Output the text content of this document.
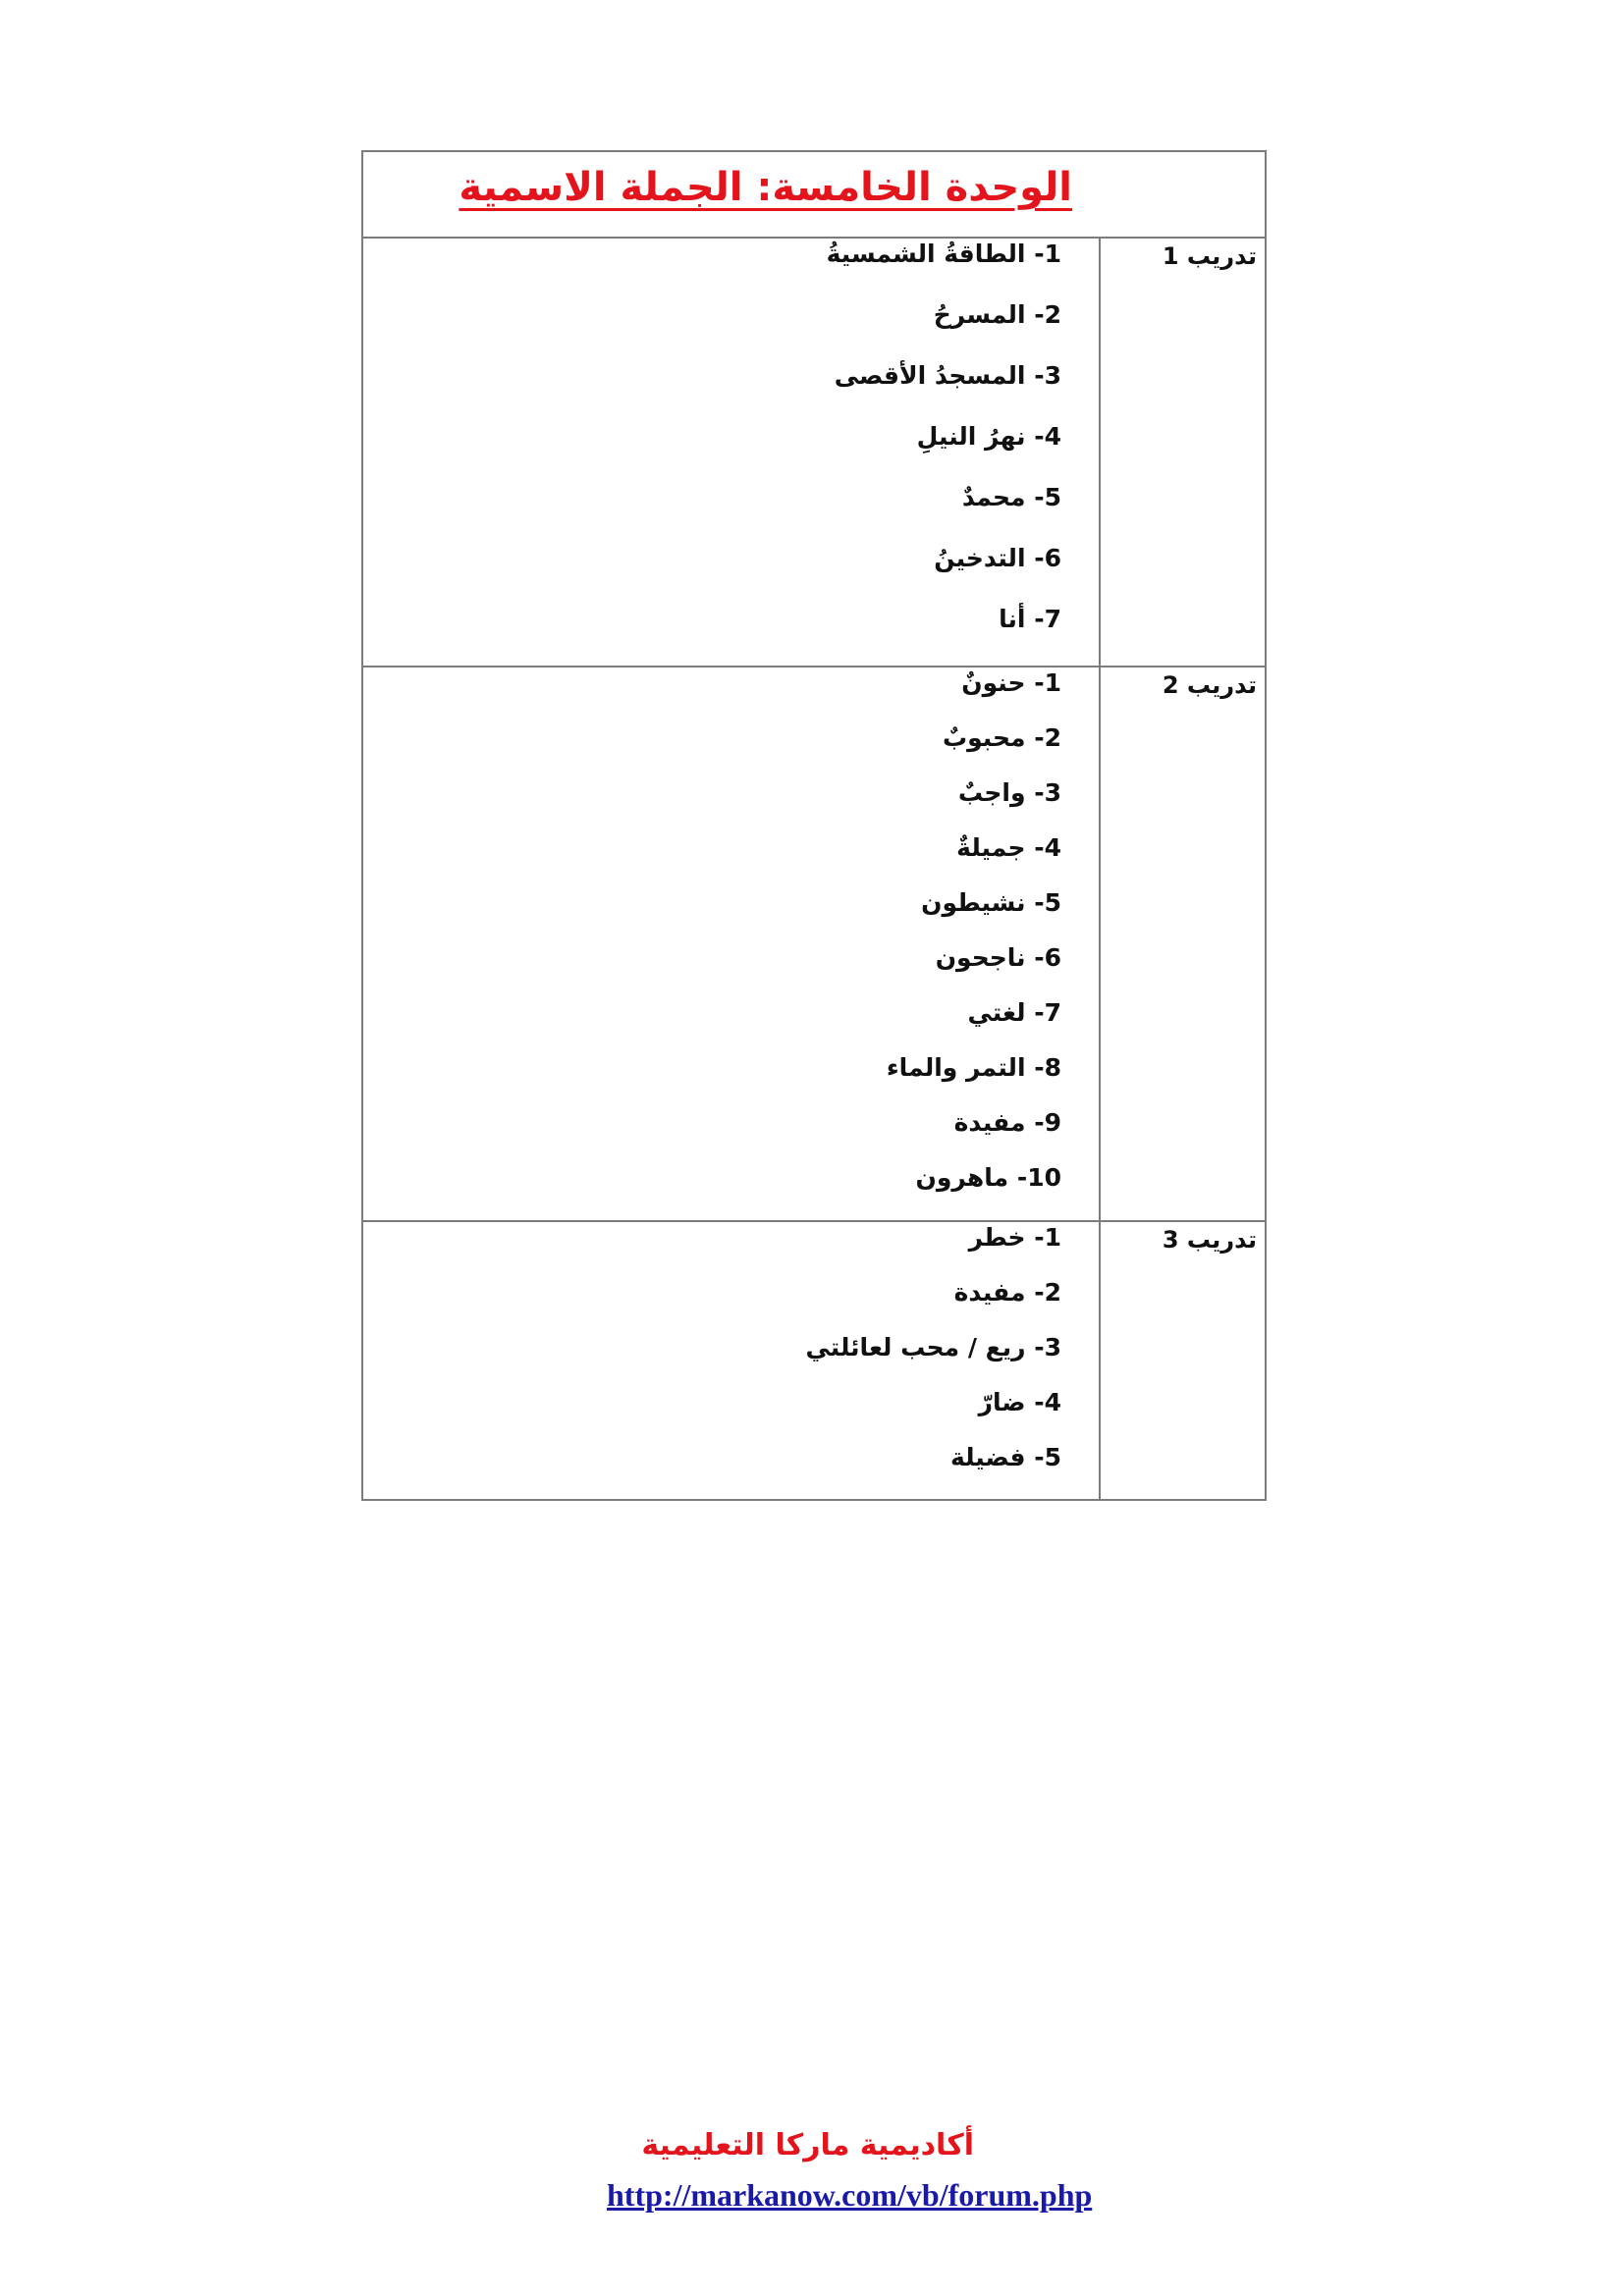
الوحدة الخامسة: الجملة الاسمية
تدريب 1
1- الطاقةُ الشمسيةُ
2- المسرحُ
3- المسجدُ الأقصى
4- نهرُ النيلِ
5- محمدٌ
6- التدخينُ
7- أنا
تدريب 2
1- حنونٌ
2- محبوبٌ
3- واجبٌ
4- جميلةٌ
5- نشيطون
6- ناجحون
7- لغتي
8- التمر والماء
9- مفيدة
10- ماهرون
تدريب 3
1- خطر
2- مفيدة
3- ريع / محب لعائلتي
4- ضارّ
5- فضيلة
أكاديمية ماركا التعليمية
http://markanow.com/vb/forum.php
